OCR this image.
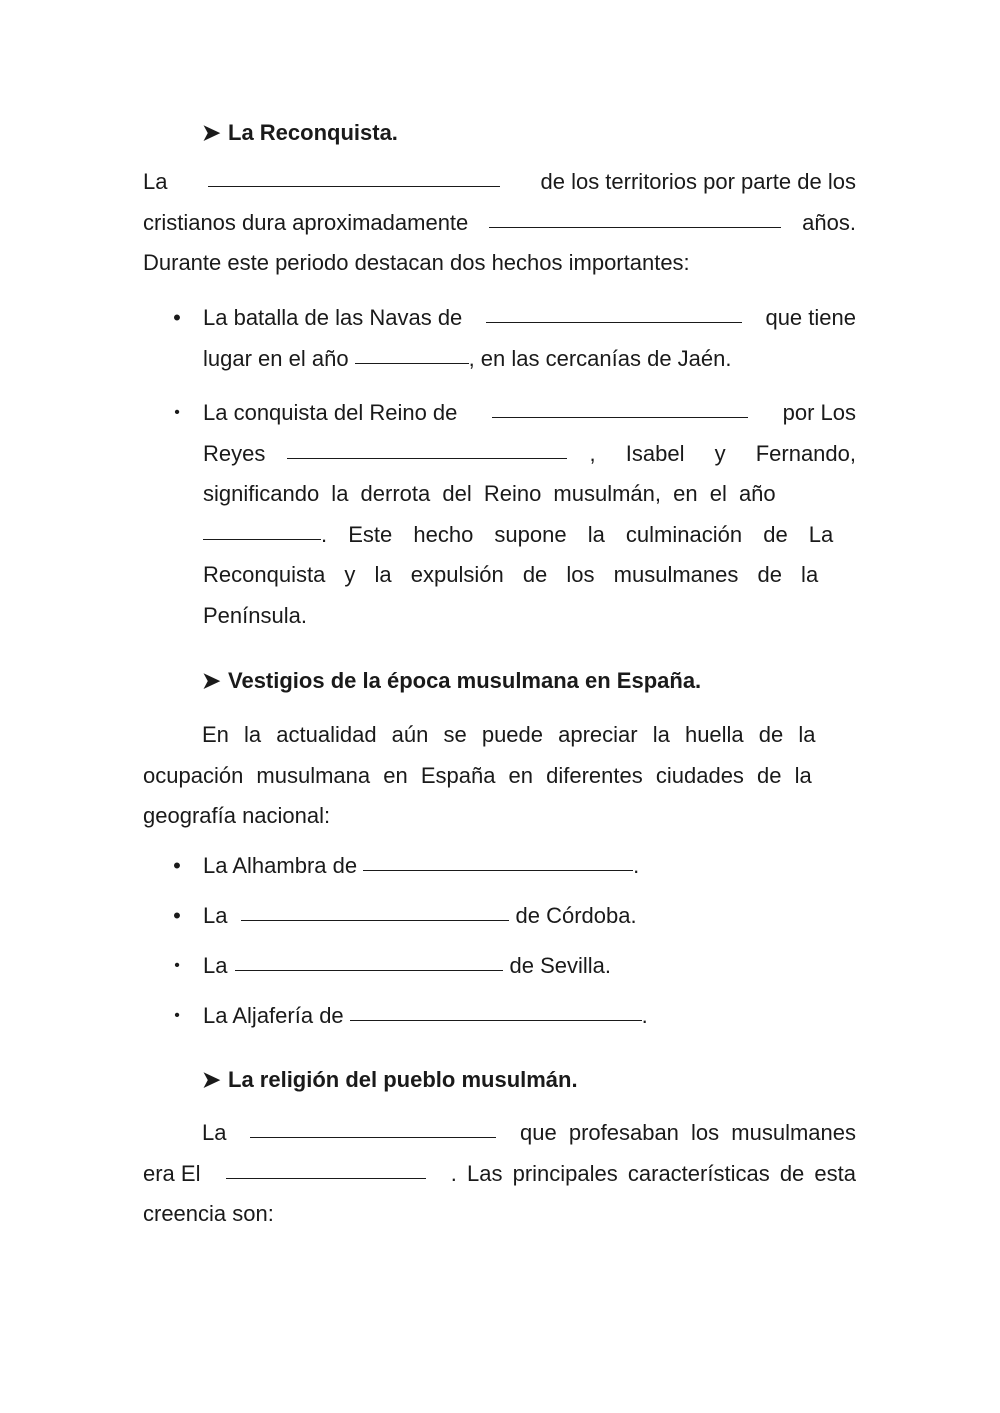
➤ La Reconquista.
La	de los territorios por parte de los
cristianos dura aproximadamente	años.
Durante este periodo destacan dos hechos importantes:
• La batalla de las Navas de	que tiene
lugar en el año	, en las cercanías de Jaén.
• La conquista del Reino de	por Los
Reyes	, Isabel y Fernando,
significando la derrota del Reino musulmán, en el año
. Este hecho supone la culminación de La
Reconquista y la expulsión de los musulmanes de la
Península.
➤ Vestigios de la época musulmana en España.
En la actualidad aún se puede apreciar la huella de la
ocupación musulmana en España en diferentes ciudades de la
geografía nacional:
• La Alhambra de	.
• La	de Córdoba.
• La	de Sevilla.
• La Aljafería de	.
➤ La religión del pueblo musulmán.
La	que profesaban los musulmanes
era El	. Las principales características de esta
creencia son:
